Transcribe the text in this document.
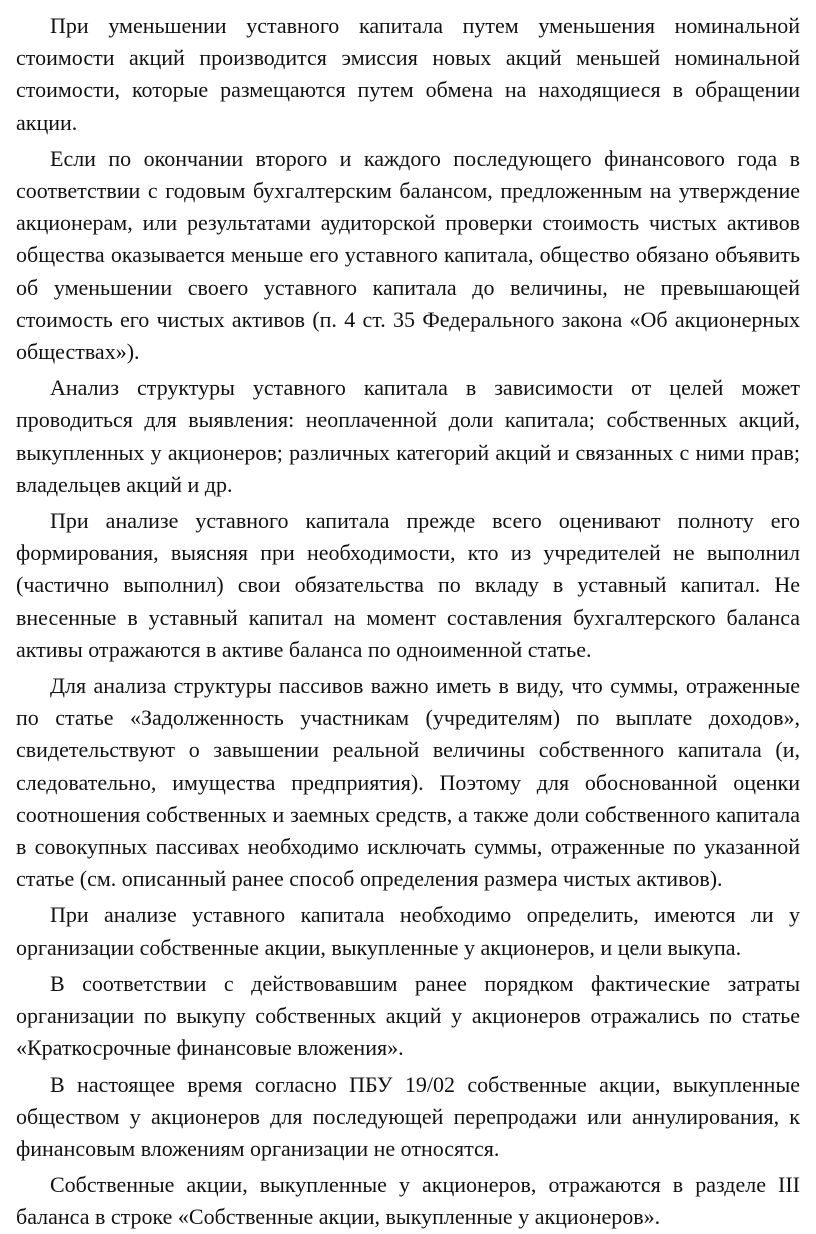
При уменьшении уставного капитала путем уменьшения номинальной стоимости акций производится эмиссия новых акций меньшей номинальной стоимости, которые размещаются путем обмена на находящиеся в обращении акции.

Если по окончании второго и каждого последующего финансового года в соответствии с годовым бухгалтерским балансом, предложенным на утверждение акционерам, или результатами аудиторской проверки стоимость чистых активов общества оказывается меньше его уставного капитала, общество обязано объявить об уменьшении своего уставного капитала до величины, не превышающей стоимость его чистых активов (п. 4 ст. 35 Федерального закона «Об акционерных обществах»).

Анализ структуры уставного капитала в зависимости от целей может проводиться для выявления: неоплаченной доли капитала; собственных акций, выкупленных у акционеров; различных категорий акций и связанных с ними прав; владельцев акций и др.

При анализе уставного капитала прежде всего оценивают полноту его формирования, выясняя при необходимости, кто из учредителей не выполнил (частично выполнил) свои обязательства по вкладу в уставный капитал. Не внесенные в уставный капитал на момент составления бухгалтерского баланса активы отражаются в активе баланса по одноименной статье.

Для анализа структуры пассивов важно иметь в виду, что суммы, отраженные по статье «Задолженность участникам (учредителям) по выплате доходов», свидетельствуют о завышении реальной величины собственного капитала (и, следовательно, имущества предприятия). Поэтому для обоснованной оценки соотношения собственных и заемных средств, а также доли собственного капитала в совокупных пассивах необходимо исключать суммы, отраженные по указанной статье (см. описанный ранее способ определения размера чистых активов).

При анализе уставного капитала необходимо определить, имеются ли у организации собственные акции, выкупленные у акционеров, и цели выкупа.

В соответствии с действовавшим ранее порядком фактические затраты организации по выкупу собственных акций у акционеров отражались по статье «Краткосрочные финансовые вложения».

В настоящее время согласно ПБУ 19/02 собственные акции, выкупленные обществом у акционеров для последующей перепродажи или аннулирования, к финансовым вложениям организации не относятся.

Собственные акции, выкупленные у акционеров, отражаются в разделе III баланса в строке «Собственные акции, выкупленные у акционеров».
